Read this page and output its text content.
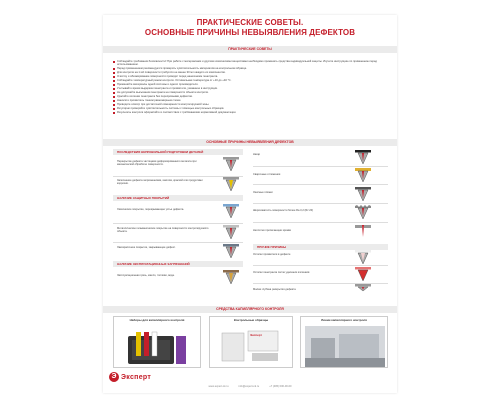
ПРАКТИЧЕСКИЕ СОВЕТЫ.
ОСНОВНЫЕ ПРИЧИНЫ НЕВЫЯВЛЕНИЯ ДЕФЕКТОВ
ПРАКТИЧЕСКИЕ СОВЕТЫ
Соблюдайте требования безопасности! При работе с материалами и другими химическими веществами необходимо применять средства индивидуальной защиты. Изучите инструкцию по применению перед использованием.
Перед применением рекомендуется проверить чувствительность материалов на контрольном образце.
Для контроля на 1 м2 поверхности требуется не менее 30 мл каждого из компонентов.
Очистку и обезжиривание поверхности проводят перед нанесением пенетранта.
Соблюдайте температурный режим контроля. Оптимальная температура от +10 до +40 °C.
Применяйте материалы одной системы и одного производителя.
Учитывайте время выдержки пенетранта и проявителя, указанное в инструкции.
Не допускайте высыхания пенетранта на поверхности объекта контроля.
Удаляйте излишки пенетранта без перепромывки дефектов.
Наносите проявитель тонким равномерным слоем.
Проводите осмотр при достаточной освещённости контролируемой зоны.
Регулярно проверяйте чувствительность системы с помощью контрольных образцов.
Результаты контроля оформляйте в соответствии с требованиями нормативной документации.
ОСНОВНЫЕ ПРИЧИНЫ НЕВЫЯВЛЕНИЯ ДЕФЕКТОВ
ПОСЛЕДСТВИЯ НЕПРАВИЛЬНОЙ ПОДГОТОВКИ ДЕТАЛЕЙ
Перекрытие дефекта частицами деформированного металла при механической обработке поверхности.
Заполнение дефекта загрязнениями, маслом, краской или продуктами коррозии.
НАЛИЧИЕ ЗАЩИТНЫХ ПОКРЫТИЙ
Химическое покрытие, перекрывающее устье дефекта.
Металлическое гальваническое покрытие на поверхности контролируемого объекта.
Лакокрасочное покрытие, закрывающее дефект.
НАЛИЧИЕ ЭКСПЛУАТАЦИОННЫХ ЗАГРЯЗНЕНИЙ
Эксплуатационная грязь, масло, топливо, вода.
Нагар
Сварочные отложения
Окисные плёнки
Шероховатость поверхности более Ra 3,2 (Rz 20)
Неплотно прилегающие кромки
ПРОЧИЕ ПРИЧИНЫ
Остатки проявителя в дефекте
Остатки пенетранта после удаления излишков
Малая глубина раскрытия дефекта
СРЕДСТВА КАПИЛЛЯРНОГО КОНТРОЛЯ
Наборы для капиллярного контроля	Контрольные образцы
Эксперт
Линии капиллярного контроля
Э Эксперт
www.expert-nk.ru	info@expert-nk.ru	+7 (495) 000-00-00
